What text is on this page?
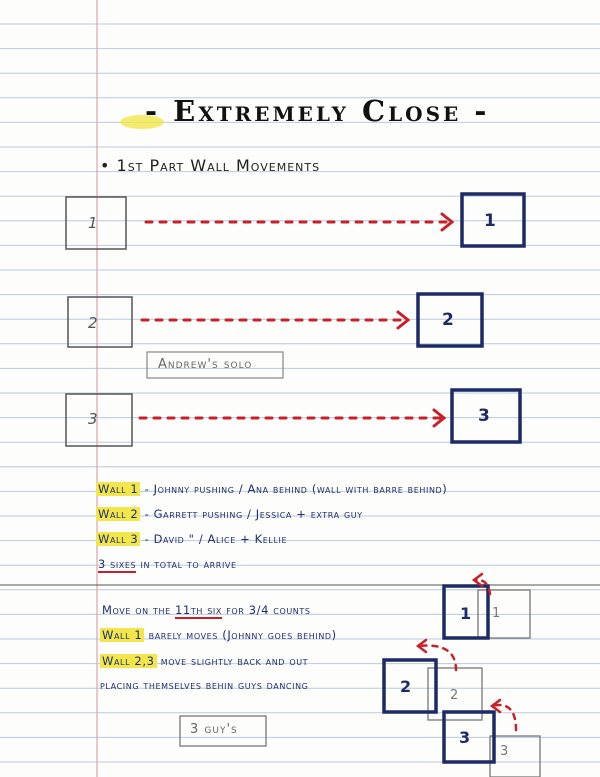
- Extremely Close -
• 1st Part Wall Movements
1
2
3
1
2
3
Andrew's solo
Wall 1 - Johnny pushing / Ana behind (wall with barre behind)
Wall 2 - Garrett pushing / Jessica + extra guy
Wall 3 - David " / Alice + Kellie
3 sixes in total to arrive
Move on the 11th six for 3/4 counts
Wall 1 barely moves (Johnny goes behind)
Wall 2,3 move slightly back and out
placing themselves behin guys dancing
3 guy's
1 1
2	2
3
3
